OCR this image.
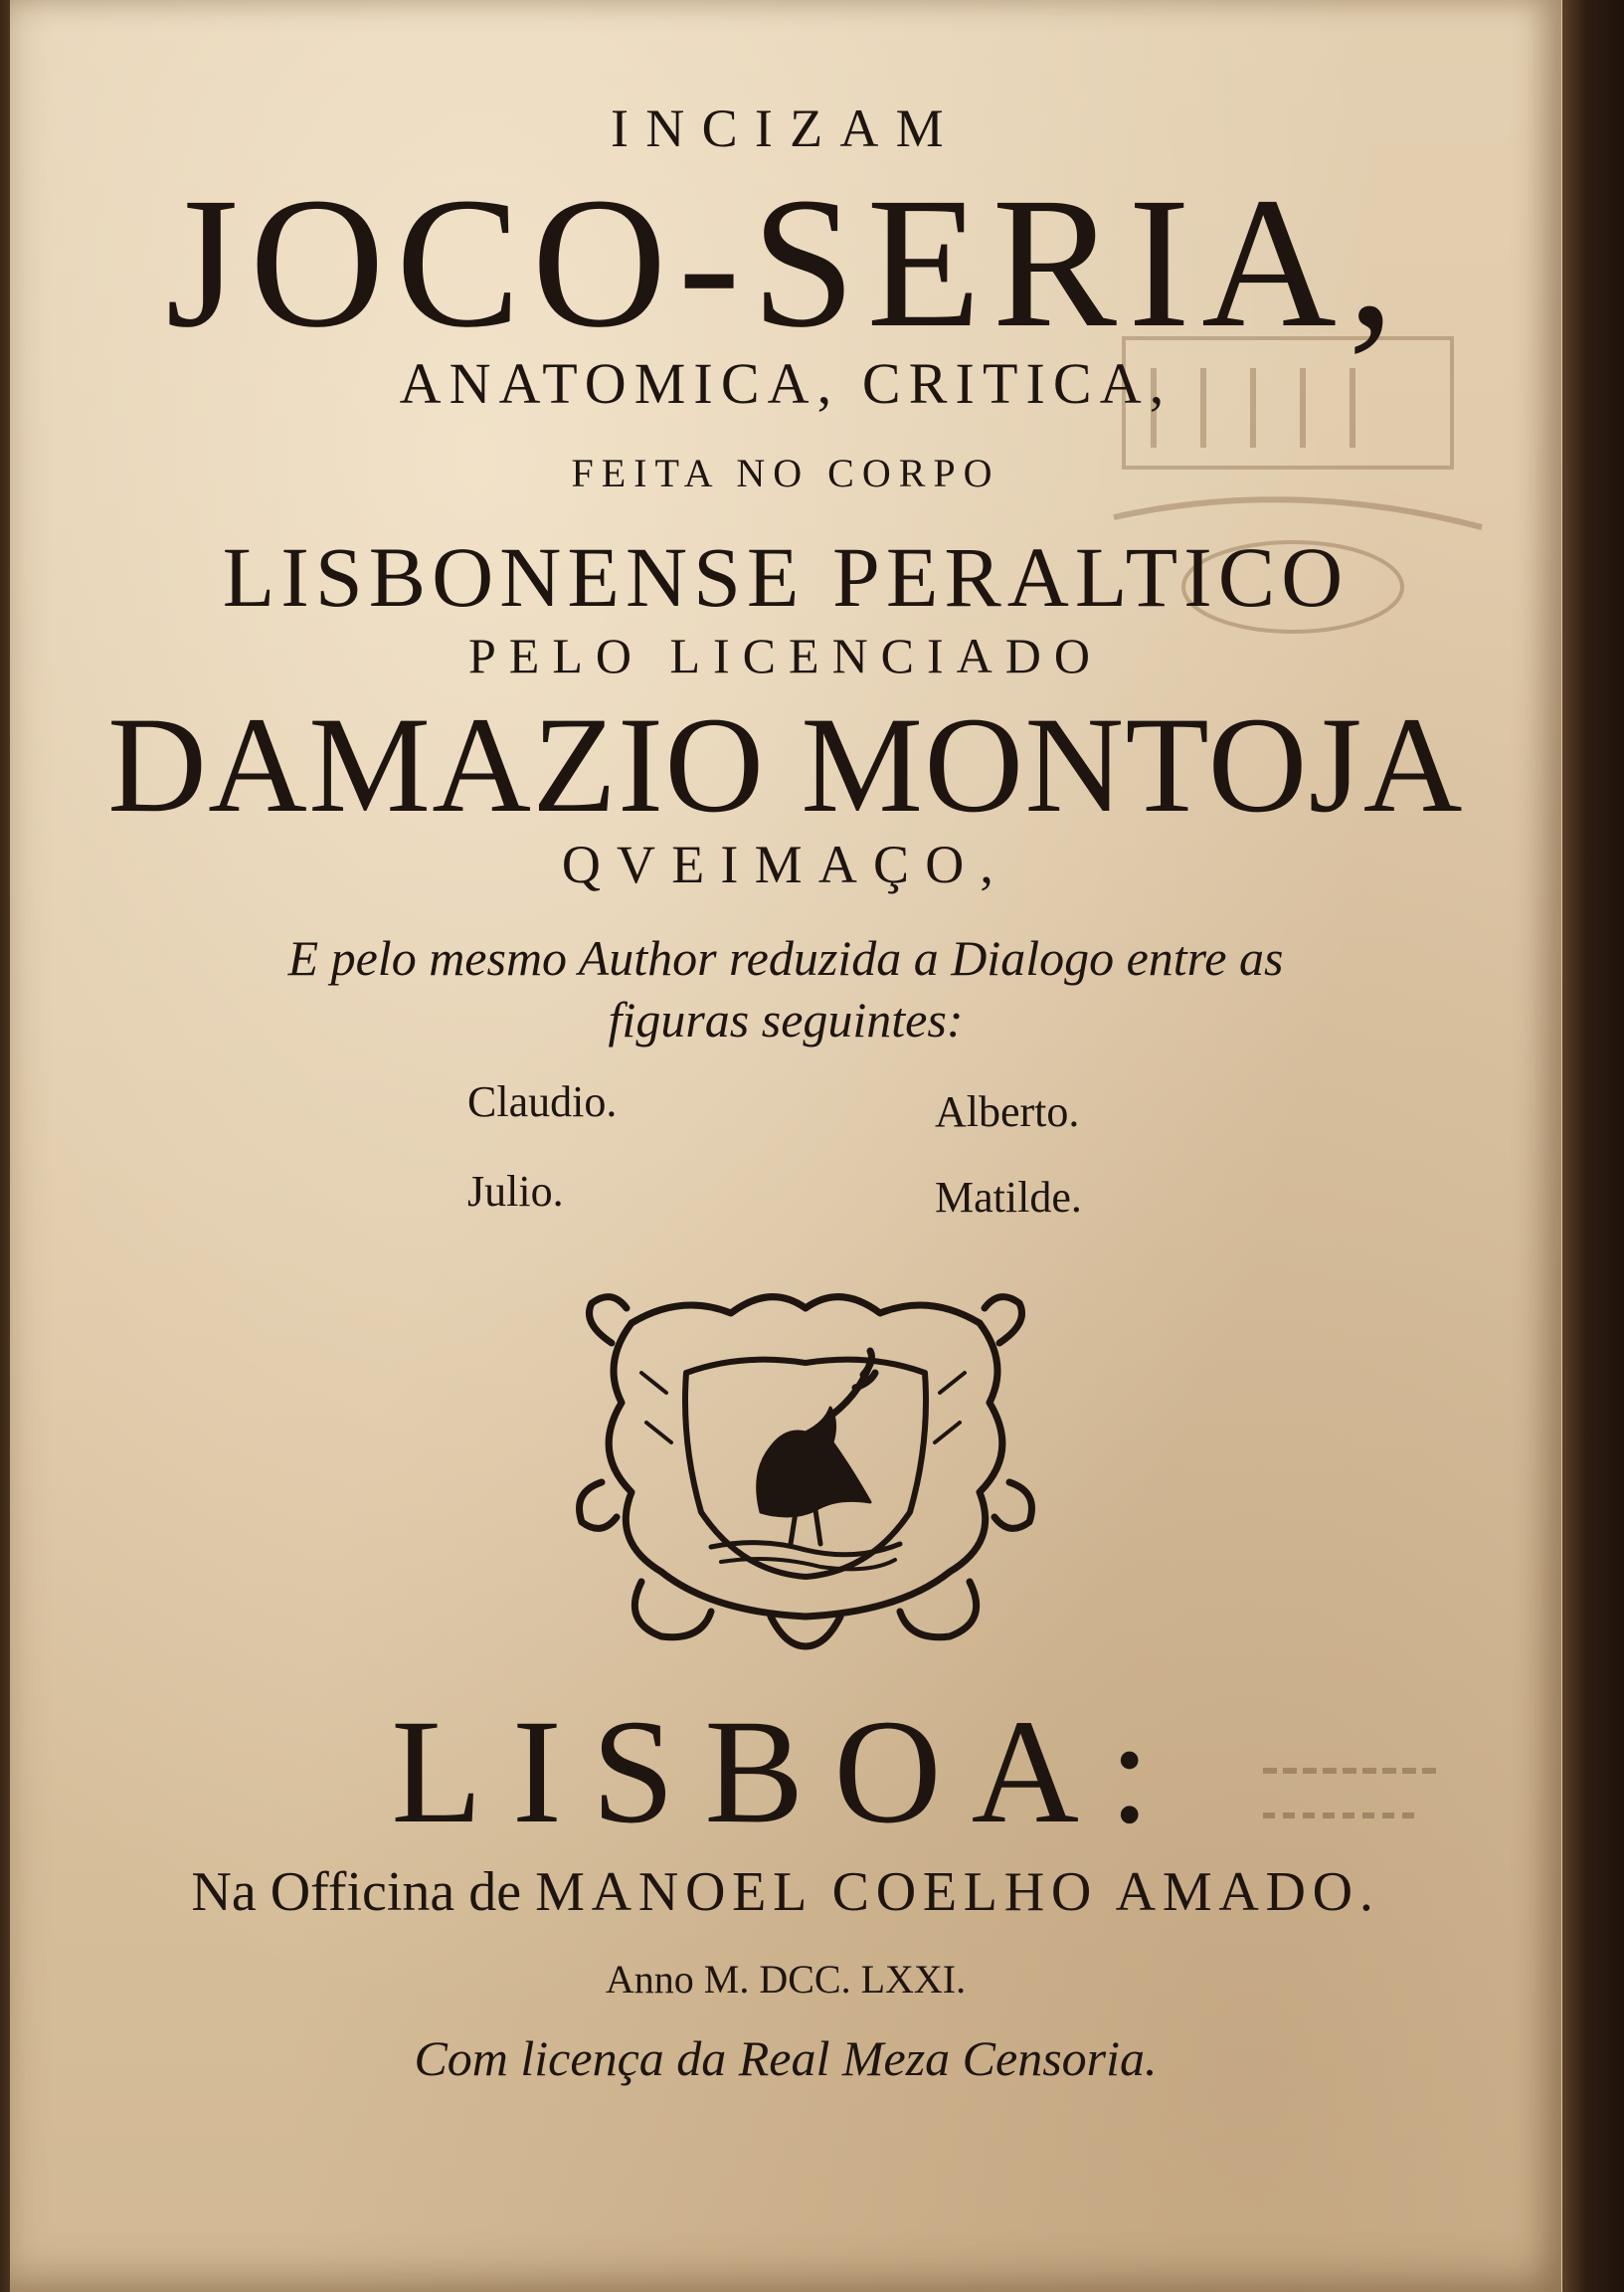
INCIZAM

JOCO-SERIA,

ANATOMICA, CRITICA,

FEITA NO CORPO

LISBONENSE PERALTICO

PELO LICENCIADO

DAMAZIO MONTOJA

QVEIMAÇO,

E pelo mesmo Author reduzida a Dialogo entre as

figuras seguintes:

Claudio.	Alberto.
Julio.	Matilde.

LISBOA:

Na Officina de MANOEL COELHO AMADO.

Anno M. DCC. LXXI.

Com licença da Real Meza Censoria.
